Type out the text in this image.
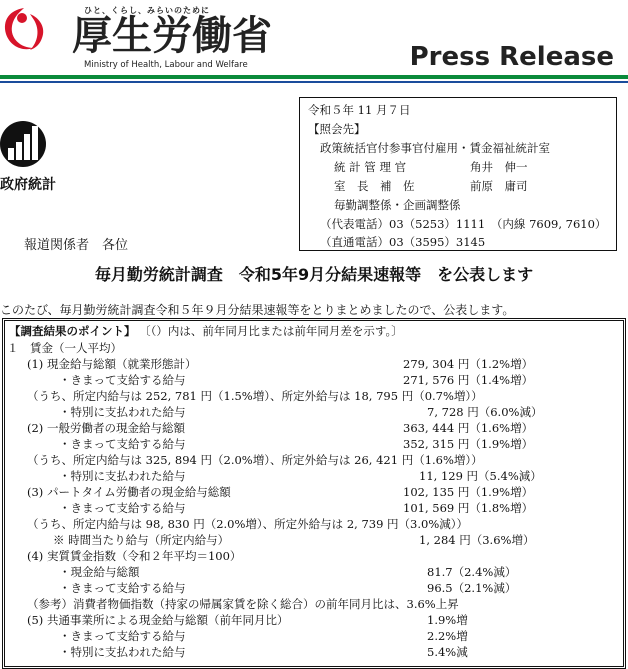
ひと、くらし、みらいのために
厚生労働省
Ministry of Health, Labour and Welfare	Press Release
政府統計
報道関係者　各位
令和５年 11 月７日
【照会先】
政策統括官付参事官付雇用・賃金福祉統計室
統 計 管 理 官	角井　伸一
室　長　補　佐	前原　庸司
毎勤調整係・企画調整係
（代表電話）03（5253）1111　（内線 7609, 7610）
（直通電話）03（3595）3145
毎月勤労統計調査　令和5年9月分結果速報等　を公表します
このたび、毎月勤労統計調査令和５年９月分結果速報等をとりまとめましたので、公表します。
【調査結果のポイント】 〔（）内は、前年同月比または前年同月差を示す。〕
１　賃金（一人平均）
(1) 現金給与総額（就業形態計）	279, 304 円（1.2%増）
・きまって支給する給与	271, 576 円（1.4%増）
（うち、所定内給与は 252, 781 円（1.5%増）、所定外給与は 18, 795 円（0.7%増））
・特別に支払われた給与	7, 728 円（6.0%減）
(2) 一般労働者の現金給与総額	363, 444 円（1.6%増）
・きまって支給する給与	352, 315 円（1.9%増）
（うち、所定内給与は 325, 894 円（2.0%増）、所定外給与は 26, 421 円（1.6%増））
・特別に支払われた給与	11, 129 円（5.4%減）
(3) パートタイム労働者の現金給与総額	102, 135 円（1.9%増）
・きまって支給する給与	101, 569 円（1.8%増）
（うち、所定内給与は 98, 830 円（2.0%増）、所定外給与は 2, 739 円（3.0%減））
※ 時間当たり給与（所定内給与）	1, 284 円（3.6%増）
(4) 実質賃金指数（令和２年平均＝100）
・現金給与総額	81.7（2.4%減）
・きまって支給する給与	96.5（2.1%減）
（参考）消費者物価指数（持家の帰属家賃を除く総合）の前年同月比は、3.6%上昇
(5) 共通事業所による現金給与総額（前年同月比）	1.9%増
・きまって支給する給与	2.2%増
・特別に支払われた給与	5.4%減
